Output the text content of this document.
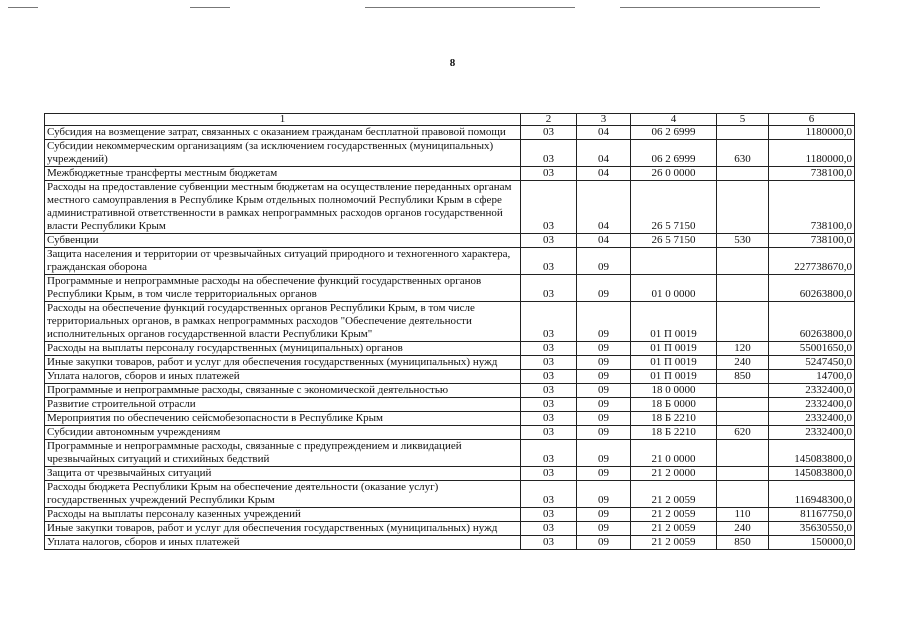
8
1	2	3	4	5	6
Субсидия на возмещение затрат, связанных с оказанием гражданам бесплатной правовой помощи	03	04	06 2 6999		1180000,0
Субсидии некоммерческим организациям (за исключением государственных (муниципальных) учреждений)	03	04	06 2 6999	630	1180000,0
Межбюджетные трансферты местным бюджетам	03	04	26 0 0000		738100,0
Расходы на предоставление субвенции местным бюджетам на осуществление переданных органам местного самоуправления в Республике Крым отдельных полномочий Республики Крым в сфере административной ответственности в рамках непрограммных расходов органов государственной власти Республики Крым	03	04	26 5 7150		738100,0
Субвенции	03	04	26 5 7150	530	738100,0
Защита населения и территории от чрезвычайных ситуаций природного и техногенного характера, гражданская оборона	03	09			227738670,0
Программные и непрограммные расходы на обеспечение функций государственных органов Республики Крым, в том числе территориальных органов	03	09	01 0 0000		60263800,0
Расходы на обеспечение функций государственных органов Республики Крым, в том числе территориальных органов, в рамках непрограммных расходов "Обеспечение деятельности исполнительных органов государственной власти Республики Крым"	03	09	01 П 0019		60263800,0
Расходы на выплаты персоналу государственных (муниципальных) органов	03	09	01 П 0019	120	55001650,0
Иные закупки товаров, работ и услуг для обеспечения государственных (муниципальных) нужд	03	09	01 П 0019	240	5247450,0
Уплата налогов, сборов и иных платежей	03	09	01 П 0019	850	14700,0
Программные и непрограммные расходы, связанные с экономической деятельностью	03	09	18 0 0000		2332400,0
Развитие строительной отрасли	03	09	18 Б 0000		2332400,0
Мероприятия по обеспечению сейсмобезопасности в Республике Крым	03	09	18 Б 2210		2332400,0
Субсидии автономным учреждениям	03	09	18 Б 2210	620	2332400,0
Программные и непрограммные расходы, связанные с предупреждением и ликвидацией чрезвычайных ситуаций и стихийных бедствий	03	09	21 0 0000		145083800,0
Защита от чрезвычайных ситуаций	03	09	21 2 0000		145083800,0
Расходы бюджета Республики Крым на обеспечение деятельности (оказание услуг) государственных учреждений Республики Крым	03	09	21 2 0059		116948300,0
Расходы на выплаты персоналу казенных учреждений	03	09	21 2 0059	110	81167750,0
Иные закупки товаров, работ и услуг для обеспечения государственных (муниципальных) нужд	03	09	21 2 0059	240	35630550,0
Уплата налогов, сборов и иных платежей	03	09	21 2 0059	850	150000,0
